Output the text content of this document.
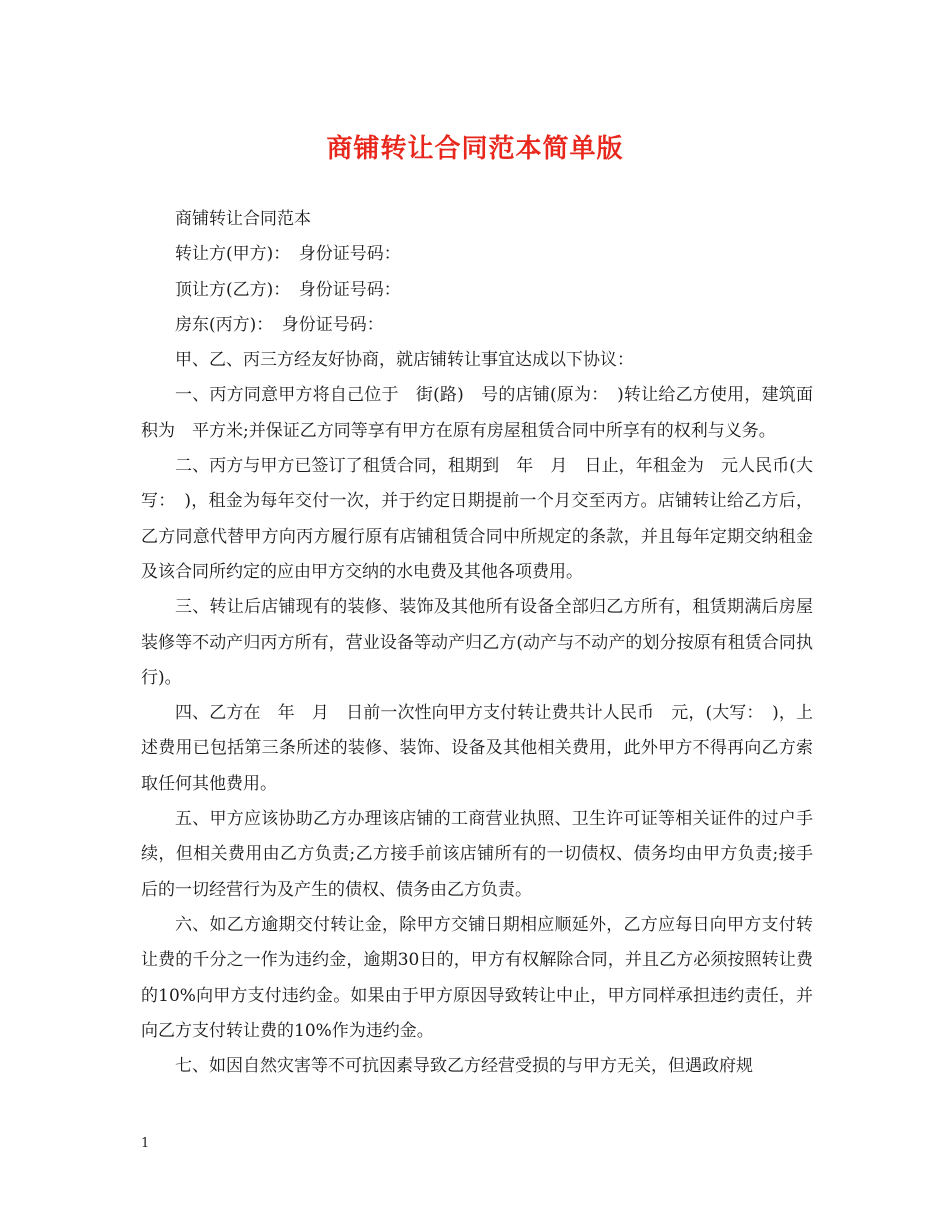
商铺转让合同范本简单版

商铺转让合同范本

转让方(甲方)：　身份证号码：

顶让方(乙方)：　身份证号码：

房东(丙方)：　身份证号码：

甲、乙、丙三方经友好协商，就店铺转让事宜达成以下协议：

一、丙方同意甲方将自己位于　街(路)　号的店铺(原为：　)转让给乙方使用，建筑面积为　平方米;并保证乙方同等享有甲方在原有房屋租赁合同中所享有的权利与义务。

二、丙方与甲方已签订了租赁合同，租期到　年　月　日止，年租金为　元人民币(大写：　)，租金为每年交付一次，并于约定日期提前一个月交至丙方。店铺转让给乙方后，乙方同意代替甲方向丙方履行原有店铺租赁合同中所规定的条款，并且每年定期交纳租金及该合同所约定的应由甲方交纳的水电费及其他各项费用。

三、转让后店铺现有的装修、装饰及其他所有设备全部归乙方所有，租赁期满后房屋装修等不动产归丙方所有，营业设备等动产归乙方(动产与不动产的划分按原有租赁合同执行)。

四、乙方在　年　月　日前一次性向甲方支付转让费共计人民币　元，(大写：　)，上述费用已包括第三条所述的装修、装饰、设备及其他相关费用，此外甲方不得再向乙方索取任何其他费用。

五、甲方应该协助乙方办理该店铺的工商营业执照、卫生许可证等相关证件的过户手续，但相关费用由乙方负责;乙方接手前该店铺所有的一切债权、债务均由甲方负责;接手后的一切经营行为及产生的债权、债务由乙方负责。

六、如乙方逾期交付转让金，除甲方交铺日期相应顺延外，乙方应每日向甲方支付转让费的千分之一作为违约金，逾期30日的，甲方有权解除合同，并且乙方必须按照转让费的10%向甲方支付违约金。如果由于甲方原因导致转让中止，甲方同样承担违约责任，并向乙方支付转让费的10%作为违约金。

七、如因自然灾害等不可抗因素导致乙方经营受损的与甲方无关，但遇政府规

1
